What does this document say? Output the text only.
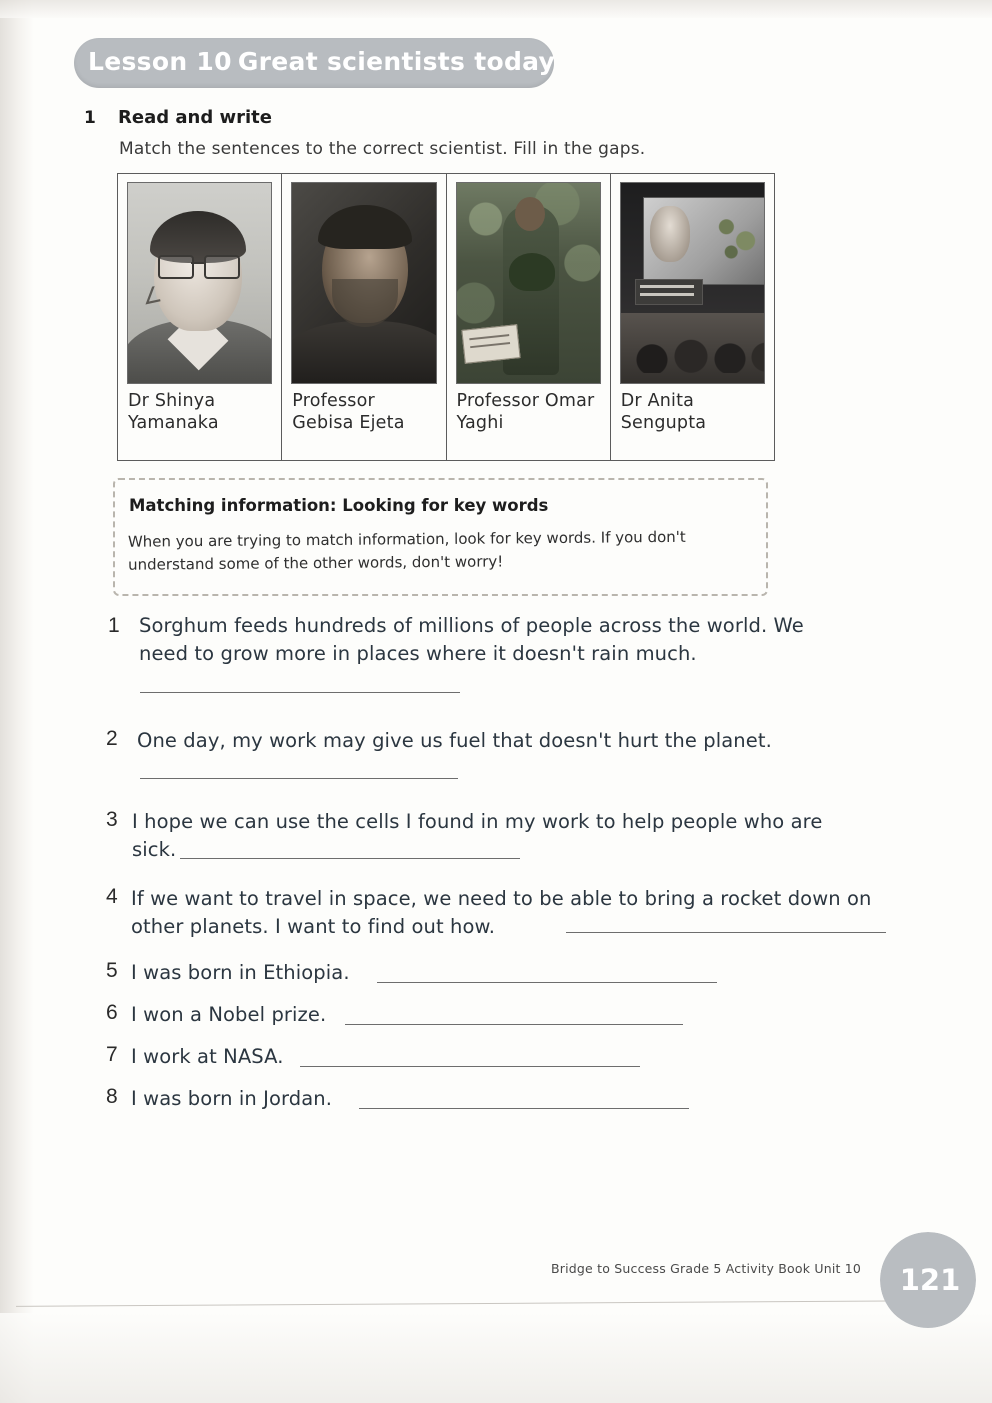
Lesson 10 Great scientists today
1 Read and write
Match the sentences to the correct scientist. Fill in the gaps.
∠
Dr Shinya Yamanaka
Professor Gebisa Ejeta
Professor Omar Yaghi
Dr Anita Sengupta
Matching information: Looking for key words
When you are trying to match information, look for key words. If you don't understand some of the other words, don't worry!
1 Sorghum feeds hundreds of millions of people across the world. We need to grow more in places where it doesn't rain much.
2 One day, my work may give us fuel that doesn't hurt the planet.
3 I hope we can use the cells I found in my work to help people who are sick.
4 If we want to travel in space, we need to be able to bring a rocket down on other planets. I want to find out how.
5 I was born in Ethiopia.
6 I won a Nobel prize.
7 I work at NASA.
8 I was born in Jordan.
Bridge to Success Grade 5 Activity Book Unit 10 121
